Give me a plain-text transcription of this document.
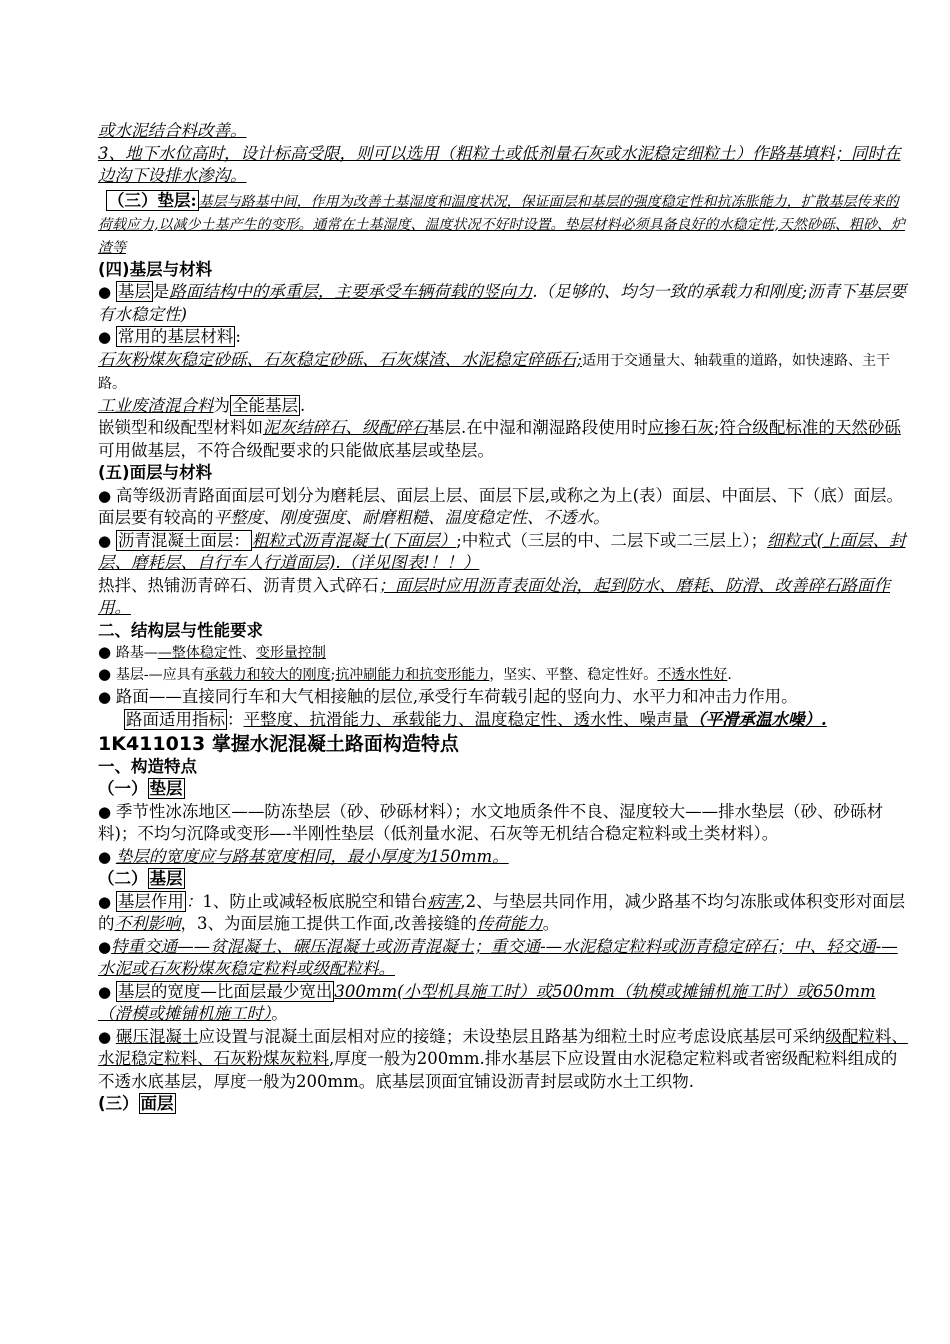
或水泥结合料改善。

3、地下水位高时，设计标高受限，则可以选用（粗粒土或低剂量石灰或水泥稳定细粒土）作路基填料；同时在边沟下设排水渗沟。

（三）垫层: 基层与路基中间，作用为改善土基湿度和温度状况，保证面层和基层的强度稳定性和抗冻胀能力，扩散基层传来的荷载应力,以减少土基产生的变形。通常在土基湿度、温度状况不好时设置。垫层材料必须具备良好的水稳定性,天然砂砾、粗砂、炉渣等

(四)基层与材料

● 基层 是路面结构中的承重层，主要承受车辆荷载的竖向力.（足够的、均匀一致的承载力和刚度;沥青下基层要有水稳定性)

● 常用的基层材料 :

石灰粉煤灰稳定砂砾、石灰稳定砂砾、石灰煤渣、水泥稳定碎砾石;适用于交通量大、轴载重的道路，如快速路、主干路。

工业废渣混合料为 全能基层 .

嵌锁型和级配型材料如泥灰结碎石、级配碎石基层.在中湿和潮湿路段使用时应掺石灰;符合级配标准的天然砂砾可用做基层，不符合级配要求的只能做底基层或垫层。

(五)面层与材料

● 高等级沥青路面面层可划分为磨耗层、面层上层、面层下层,或称之为上(表）面层、中面层、下（底）面层。面层要有较高的平整度、刚度强度、耐磨粗糙、温度稳定性、不透水。

● 沥青混凝土面层： 粗粒式沥青混凝土(下面层）;中粒式（三层的中、二层下或二三层上）；细粒式(上面层、封层、磨耗层、自行车人行道面层).（详见图表!！！）

热拌、热铺沥青碎石、沥青贯入式碎石；面层时应用沥青表面处治，起到防水、磨耗、防滑、改善碎石路面作用。

二、结构层与性能要求

● 路基——整体稳定性、变形量控制

● 基层-—应具有承载力和较大的刚度;抗冲刷能力和抗变形能力，坚实、平整、稳定性好。不透水性好.

● 路面——直接同行车和大气相接触的层位,承受行车荷载引起的竖向力、水平力和冲击力作用。

路面适用指标 ：平整度、抗滑能力、承载能力、温度稳定性、透水性、噪声量（平滑承温水噪）.

1K411013 掌握水泥混凝土路面构造特点

一、构造特点

（一） 垫层

● 季节性冰冻地区——防冻垫层（砂、砂砾材料）；水文地质条件不良、湿度较大——排水垫层（砂、砂砾材料)；不均匀沉降或变形—-半刚性垫层（低剂量水泥、石灰等无机结合稳定粒料或土类材料）。

● 垫层的宽度应与路基宽度相同，最小厚度为150mm。

（二） 基层

● 基层作用 ：1、防止或减轻板底脱空和错台病害,2、与垫层共同作用，减少路基不均匀冻胀或体积变形对面层的不利影响，3、为面层施工提供工作面,改善接缝的传荷能力。

●特重交通——贫混凝土、碾压混凝土或沥青混凝土；重交通-—水泥稳定粒料或沥青稳定碎石；中、轻交通-—水泥或石灰粉煤灰稳定粒料或级配粒料。

● 基层的宽度—比面层最少宽出 300mm(小型机具施工时）或500mm（轨模或摊铺机施工时）或650mm（滑模或摊铺机施工时）。

● 碾压混凝土应设置与混凝土面层相对应的接缝；未设垫层且路基为细粒土时应考虑设底基层可采纳级配粒料、水泥稳定粒料、石灰粉煤灰粒料,厚度一般为200mm.排水基层下应设置由水泥稳定粒料或者密级配粒料组成的不透水底基层，厚度一般为200mm。底基层顶面宜铺设沥青封层或防水土工织物.

(三） 面层
